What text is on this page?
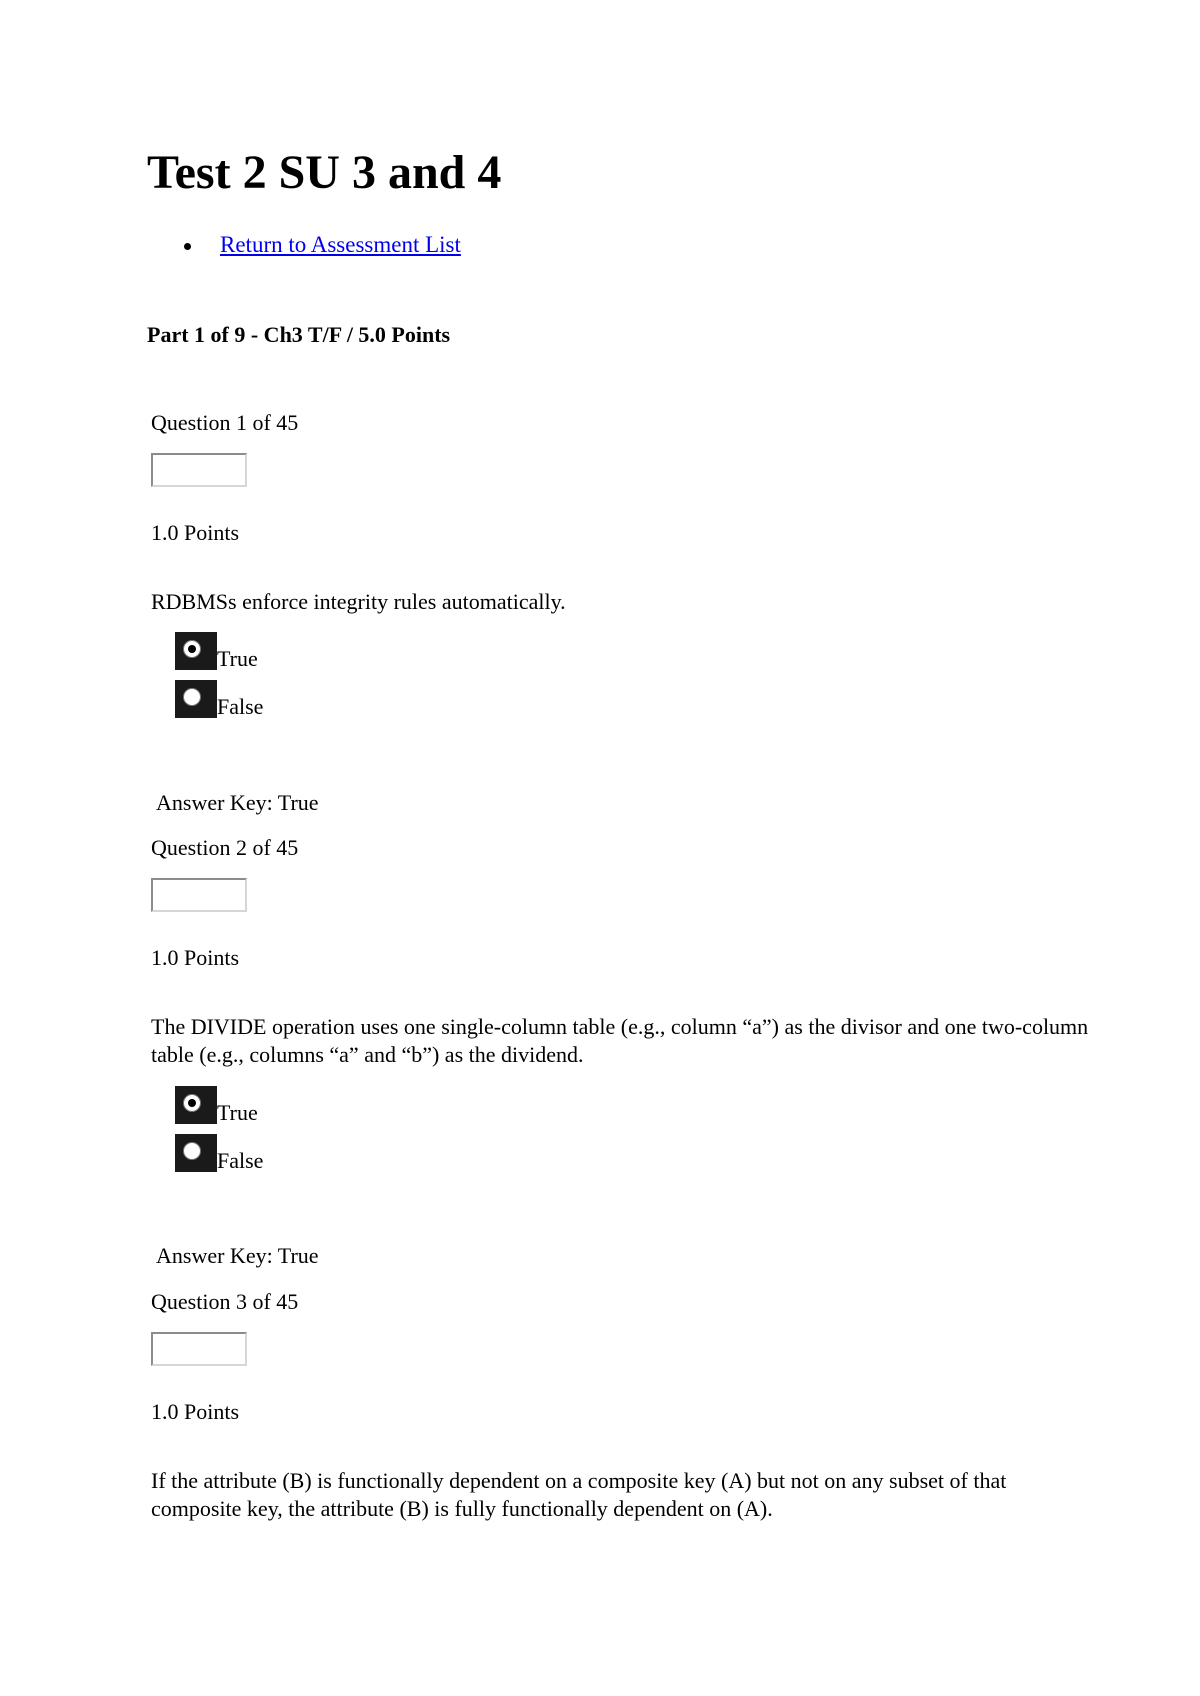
Test 2 SU 3 and 4
Return to Assessment List
Part 1 of 9 - Ch3 T/F / 5.0 Points
Question 1 of 45
1.0 Points
RDBMSs enforce integrity rules automatically.
True
False
Answer Key: True
Question 2 of 45
1.0 Points
The DIVIDE operation uses one single-column table (e.g., column “a”) as the divisor and one two-column table (e.g., columns “a” and “b”) as the dividend.
True
False
Answer Key: True
Question 3 of 45
1.0 Points
If the attribute (B) is functionally dependent on a composite key (A) but not on any subset of that composite key, the attribute (B) is fully functionally dependent on (A).
